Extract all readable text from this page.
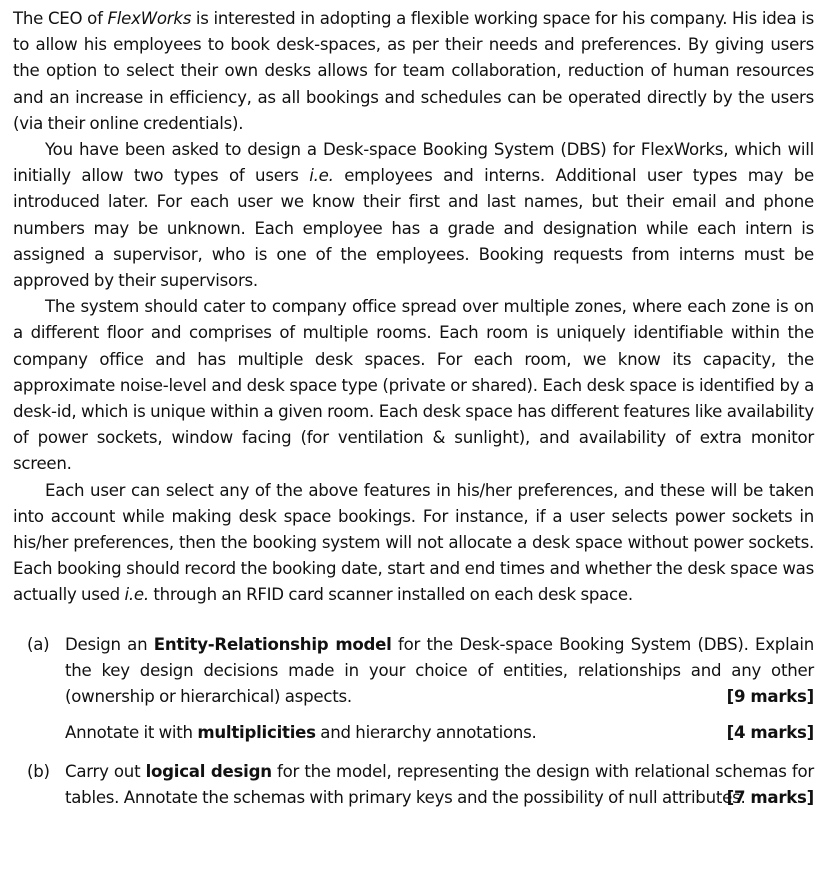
The CEO of FlexWorks is interested in adopting a flexible working space for his company. His idea is to allow his employees to book desk-spaces, as per their needs and preferences. By giving users the option to select their own desks allows for team collaboration, reduction of human resources and an increase in efficiency, as all bookings and schedules can be operated directly by the users (via their online credentials).

You have been asked to design a Desk-space Booking System (DBS) for FlexWorks, which will initially allow two types of users i.e. employees and interns. Additional user types may be introduced later. For each user we know their first and last names, but their email and phone numbers may be unknown. Each employee has a grade and designation while each intern is assigned a supervisor, who is one of the employees. Booking requests from interns must be approved by their supervisors.

The system should cater to company office spread over multiple zones, where each zone is on a different floor and comprises of multiple rooms. Each room is uniquely identifiable within the company office and has multiple desk spaces. For each room, we know its capacity, the approximate noise-level and desk space type (private or shared). Each desk space is identified by a desk-id, which is unique within a given room. Each desk space has different features like availability of power sockets, window facing (for ventilation & sunlight), and availability of extra monitor screen.

Each user can select any of the above features in his/her preferences, and these will be taken into account while making desk space bookings. For instance, if a user selects power sockets in his/her preferences, then the booking system will not allocate a desk space without power sockets. Each booking should record the booking date, start and end times and whether the desk space was actually used i.e. through an RFID card scanner installed on each desk space.

(a) Design an Entity-Relationship model for the Desk-space Booking System (DBS). Explain the key design decisions made in your choice of entities, relationships and any other (ownership or hierarchical) aspects.	[9 marks]
Annotate it with multiplicities and hierarchy annotations.	[4 marks]
(b) Carry out logical design for the model, representing the design with relational schemas for tables. Annotate the schemas with primary keys and the possibility of null attributes.

[7 marks]
